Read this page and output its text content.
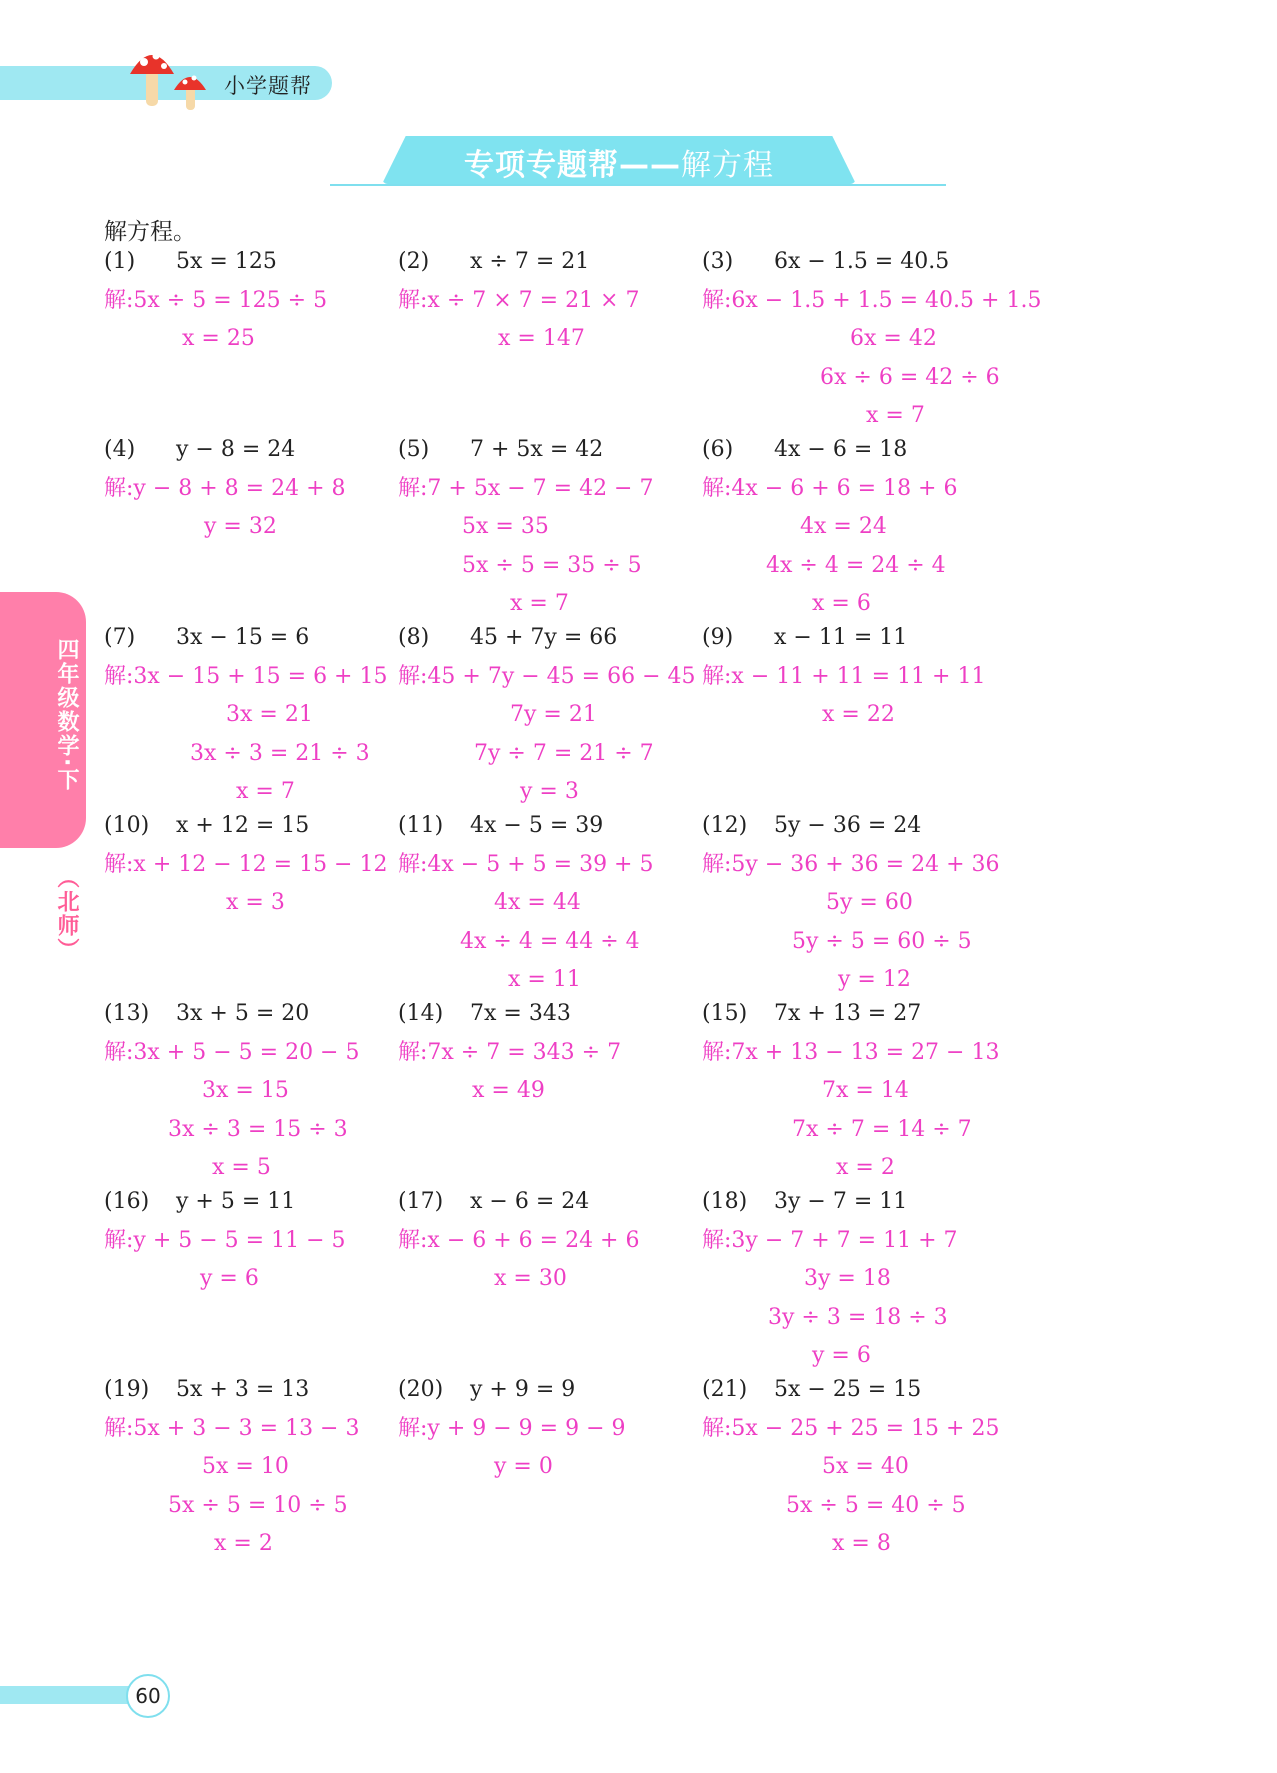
小学题帮
专项专题帮——解方程
解方程。
(1) 5x = 125
解:5x ÷ 5 = 125 ÷ 5
x = 25
(2) x ÷ 7 = 21
解:x ÷ 7 × 7 = 21 × 7
x = 147
(3) 6x − 1.5 = 40.5
解:6x − 1.5 + 1.5 = 40.5 + 1.5
6x = 42
6x ÷ 6 = 42 ÷ 6
x = 7
(4) y − 8 = 24
解:y − 8 + 8 = 24 + 8
y = 32
(5) 7 + 5x = 42
解:7 + 5x − 7 = 42 − 7
5x = 35
5x ÷ 5 = 35 ÷ 5
x = 7
(6) 4x − 6 = 18
解:4x − 6 + 6 = 18 + 6
4x = 24
4x ÷ 4 = 24 ÷ 4
x = 6
(7) 3x − 15 = 6
解:3x − 15 + 15 = 6 + 15
3x = 21
3x ÷ 3 = 21 ÷ 3
x = 7
(8) 45 + 7y = 66
解:45 + 7y − 45 = 66 − 45
7y = 21
7y ÷ 7 = 21 ÷ 7
y = 3
(9) x − 11 = 11
解:x − 11 + 11 = 11 + 11
x = 22
(10) x + 12 = 15
解:x + 12 − 12 = 15 − 12
x = 3
(11) 4x − 5 = 39
解:4x − 5 + 5 = 39 + 5
4x = 44
4x ÷ 4 = 44 ÷ 4
x = 11
(12) 5y − 36 = 24
解:5y − 36 + 36 = 24 + 36
5y = 60
5y ÷ 5 = 60 ÷ 5
y = 12
(13) 3x + 5 = 20
解:3x + 5 − 5 = 20 − 5
3x = 15
3x ÷ 3 = 15 ÷ 3
x = 5
(14) 7x = 343
解:7x ÷ 7 = 343 ÷ 7
x = 49
(15) 7x + 13 = 27
解:7x + 13 − 13 = 27 − 13
7x = 14
7x ÷ 7 = 14 ÷ 7
x = 2
(16) y + 5 = 11
解:y + 5 − 5 = 11 − 5
y = 6
(17) x − 6 = 24
解:x − 6 + 6 = 24 + 6
x = 30
(18) 3y − 7 = 11
解:3y − 7 + 7 = 11 + 7
3y = 18
3y ÷ 3 = 18 ÷ 3
y = 6
(19) 5x + 3 = 13
解:5x + 3 − 3 = 13 − 3
5x = 10
5x ÷ 5 = 10 ÷ 5
x = 2
(20) y + 9 = 9
解:y + 9 − 9 = 9 − 9
y = 0
(21) 5x − 25 = 15
解:5x − 25 + 25 = 15 + 25
5x = 40
5x ÷ 5 = 40 ÷ 5
x = 8
四年级数学·下
（北师）
60
